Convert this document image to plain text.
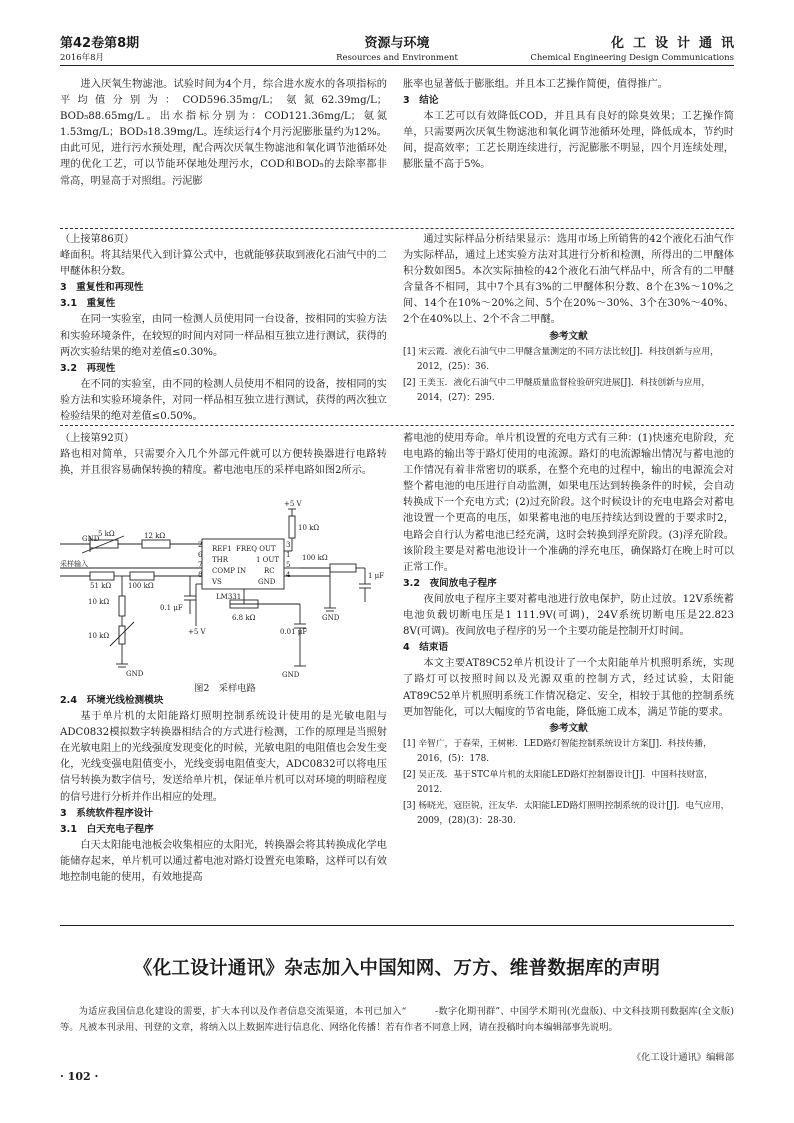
第42卷第8期
2016年8月
资源与环境
Resources and Environment
化工设计通讯
Chemical Engineering Design Communications

进入厌氧生物滤池。试验时间为4个月，综合进水废水的各项指标的平均值分别为：COD596.35mg/L；氨氮62.39mg/L；BOD₅88.65mg/L。出水指标分别为：COD121.36mg/L；氨氮1.53mg/L；BOD₅18.39mg/L。连续运行4个月污泥膨胀量约为12%。由此可见，进行污水预处理，配合两次厌氧生物滤池和氧化调节池循环处理的优化工艺，可以节能环保地处理污水，COD和BOD₅的去除率都非常高，明显高于对照组。污泥膨

胀率也显著低于膨胀组。并且本工艺操作简便，值得推广。

3　结论

本工艺可以有效降低COD，并且具有良好的除臭效果；工艺操作简单，只需要两次厌氧生物滤池和氧化调节池循环处理，降低成本，节约时间，提高效率；工艺长期连续进行，污泥膨胀不明显，四个月连续处理，膨胀量不高于5%。

（上接第86页）

峰面积。将其结果代入到计算公式中，也就能够获取到液化石油气中的二甲醚体积分数。

3　重复性和再现性
3.1　重复性

在同一实验室，由同一检测人员使用同一台设备，按相同的实验方法和实验环境条件，在较短的时间内对同一样品相互独立进行测试，获得的两次实验结果的绝对差值≤0.30%。

3.2　再现性

在不同的实验室，由不同的检测人员使用不相同的设备，按相同的实验方法和实验环境条件，对同一样品相互独立进行测试，获得的两次独立检验结果的绝对差值≤0.50%。

通过实际样品分析结果显示：选用市场上所销售的42个液化石油气作为实际样品，通过上述实验方法对其进行分析和检测，所得出的二甲醚体积分数如图5。本次实际抽检的42个液化石油气样品中，所含有的二甲醚含量各不相同，其中7个具有3%的二甲醚体积分数、8个在3%～10%之间、14个在10%～20%之间、5个在20%～30%、3个在30%～40%、2个在40%以上、2个不含二甲醚。

参考文献
[1] 宋云霞．液化石油气中二甲醚含量测定的不同方法比较[J]．科技创新与应用，2012，(25)：36.
[2] 王美玉．液化石油气中二甲醚质量监督检验研究进展[J]．科技创新与应用，2014，(27)：295.

（上接第92页）

路也相对简单，只需要介入几个外部元件就可以方便转换器进行电路转换，并且很容易确保转换的精度。蓄电池电压的采样电路如图2所示。

+5 V
10 kΩ
GND
5 kΩ	12 kΩ
采样输入
51 kΩ 100 kΩ
10 kΩ
0.1 μF
10 kΩ	+5 V
REF1 FREQ OUT
THR	1 OUT
COMP IN	RC
VS	GND
LM331
6.8 kΩ
0.01 μF
100 kΩ
1 μF
GND
GND	GND
2
6
7
8
3
1
5
4
图2　采样电路
2.4　环境光线检测模块

基于单片机的太阳能路灯照明控制系统设计使用的是光敏电阻与ADC0832模拟数字转换器相结合的方式进行检测，工作的原理是当照射在光敏电阻上的光线强度发现变化的时候，光敏电阻的电阻值也会发生变化，光线变强电阻值变小，光线变弱电阻值变大，ADC0832可以将电压信号转换为数字信号，发送给单片机，保证单片机可以对环境的明暗程度的信号进行分析并作出相应的处理。

3　系统软件程序设计
3.1　白天充电子程序

白天太阳能电池板会收集相应的太阳光，转换器会将其转换成化学电能储存起来，单片机可以通过蓄电池对路灯设置充电策略，这样可以有效地控制电能的使用，有效地提高

蓄电池的使用寿命。单片机设置的充电方式有三种：(1)快速充电阶段，充电电路的输出等于路灯使用的电流源。路灯的电流源输出情况与蓄电池的工作情况有着非常密切的联系，在整个充电的过程中，输出的电源流会对整个蓄电池的电压进行自动监测，如果电压达到转换条件的时候，会自动转换成下一个充电方式；(2)过充阶段。这个时候设计的充电电路会对蓄电池设置一个更高的电压，如果蓄电池的电压持续达到设置的于要求时2，电路会自行认为蓄电池已经充满，这时会转换到浮充阶段。(3)浮充阶段。该阶段主要是对蓄电池设计一个准确的浮充电压，确保路灯在晚上时可以正常工作。

3.2　夜间放电子程序

夜间放电子程序主要对蓄电池进行放电保护，防止过放。12V系统蓄电池负载切断电压是1 111.9V(可调)，24V系统切断电压是22.823 8V(可调)。夜间放电子程序的另一个主要功能是控制开灯时间。

4　结束语

本文主要AT89C52单片机设计了一个太阳能单片机照明系统，实现了路灯可以按照时间以及光源双重的控制方式，经过试验，太阳能AT89C52单片机照明系统工作情况稳定、安全，相较于其他的控制系统更加智能化，可以大幅度的节省电能，降低施工成本，满足节能的要求。

参考文献
[1] 辛智广，于春荣，王树彬．LED路灯智能控制系统设计方案[J]．科技传播，2016，(5)：178.
[2] 吴正茂．基于STC单片机的太阳能LED路灯控制器设计[J]．中国科技财富，2012.
[3] 杨晓光，寇臣锐，汪友华．太阳能LED路灯照明控制系统的设计[J]．电气应用，2009，(28)(3)：28-30.
《化工设计通讯》杂志加入中国知网、万方、维普数据库的声明

为适应我国信息化建设的需要，扩大本刊以及作者信息交流渠道，本刊已加入“　　　-数字化期刊群”、中国学术期刊(光盘版)、中文科技期刊数据库(全文版)等。凡被本刊录用、刊登的文章，将纳入以上数据库进行信息化、网络化传播！若有作者不同意上网，请在投稿时向本编辑部事先说明。

《化工设计通讯》编辑部
· 102 ·
